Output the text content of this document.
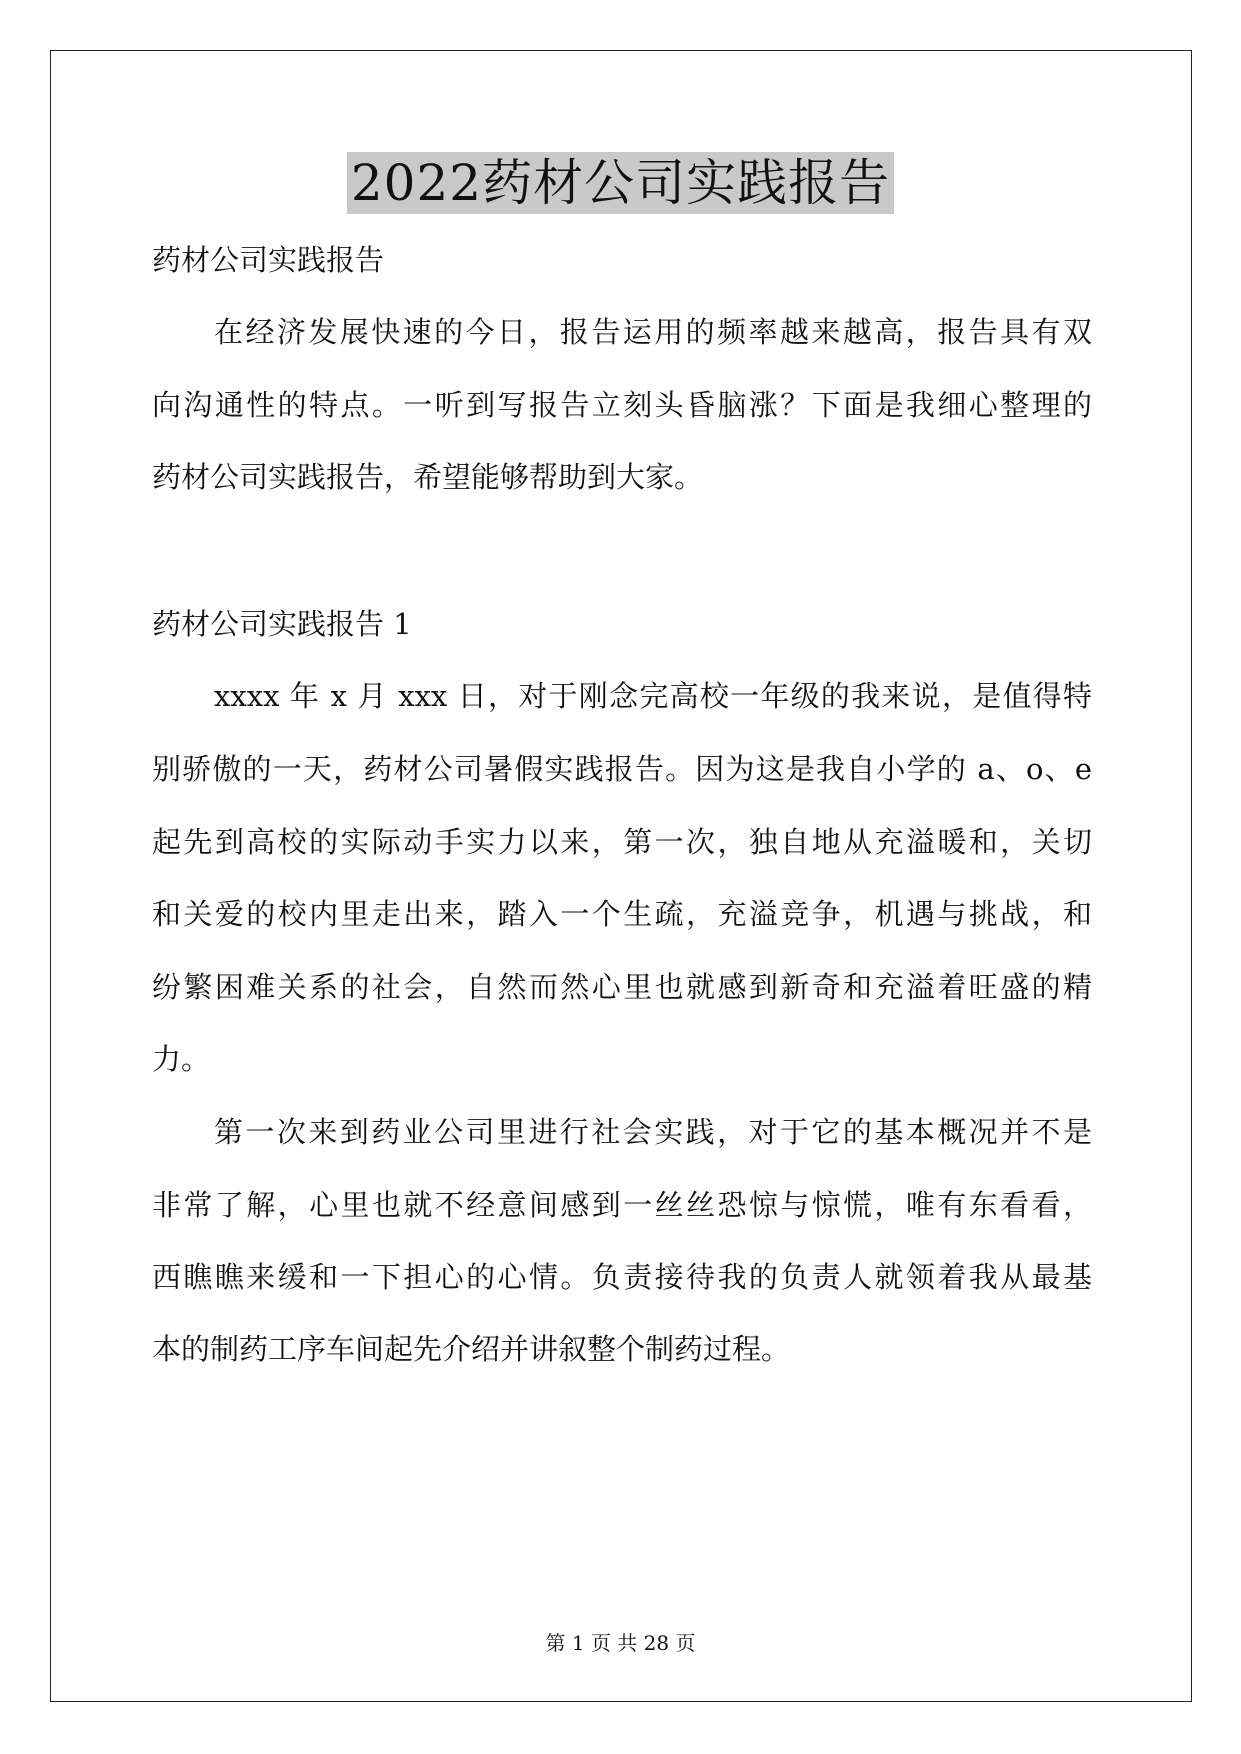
2022药材公司实践报告
药材公司实践报告
在经济发展快速的今日，报告运用的频率越来越高，报告具有双
向沟通性的特点。一听到写报告立刻头昏脑涨？下面是我细心整理的
药材公司实践报告，希望能够帮助到大家。
药材公司实践报告 1
xxxx 年 x 月 xxx 日，对于刚念完高校一年级的我来说，是值得特
别骄傲的一天，药材公司暑假实践报告。因为这是我自小学的 a、o、e
起先到高校的实际动手实力以来，第一次，独自地从充溢暖和，关切
和关爱的校内里走出来，踏入一个生疏，充溢竞争，机遇与挑战，和
纷繁困难关系的社会，自然而然心里也就感到新奇和充溢着旺盛的精
力。
第一次来到药业公司里进行社会实践，对于它的基本概况并不是
非常了解，心里也就不经意间感到一丝丝恐惊与惊慌，唯有东看看，
西瞧瞧来缓和一下担心的心情。负责接待我的负责人就领着我从最基
本的制药工序车间起先介绍并讲叙整个制药过程。
第 1 页 共 28 页
